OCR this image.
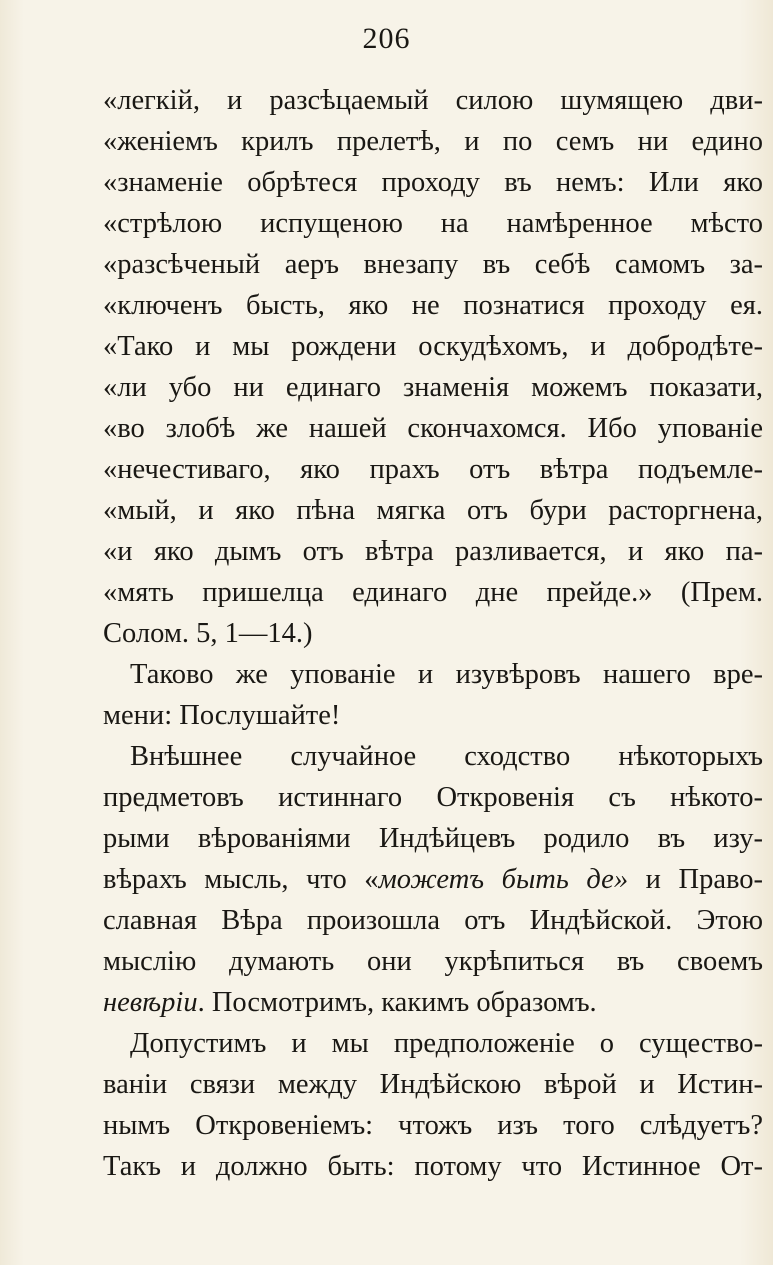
206
«легкій, и разсѣцаемый силою шумящею дви-
«женіемъ крилъ прелетѣ, и по семъ ни едино
«знаменіе обрѣтеся проходу въ немъ: Или яко
«стрѣлою испущеною на намѣренное мѣсто
«разсѣченый аеръ внезапу въ себѣ самомъ за-
«ключенъ бысть, яко не познатися проходу ея.
«Тако и мы рождени оскудѣхомъ, и добродѣте-
«ли убо ни единаго знаменія можемъ показати,
«во злобѣ же нашей скончахомся. Ибо упованіе
«нечестиваго, яко прахъ отъ вѣтра подъемле-
«мый, и яко пѣна мягка отъ бури расторгнена,
«и яко дымъ отъ вѣтра разливается, и яко па-
«мять пришелца единаго дне прейде.» (Прем.
Солом. 5, 1—14.)
Таково же упованіе и изувѣровъ нашего вре-
мени: Послушайте!
Внѣшнее случайное сходство нѣкоторыхъ
предметовъ истиннаго Откровенія съ нѣкото-
рыми вѣрованіями Индѣйцевъ родило въ изу-
вѣрахъ мысль, что «можетъ быть де» и Право-
славная Вѣра произошла отъ Индѣйской. Этою
мыслію думають они укрѣпиться въ своемъ
невѣріи. Посмотримъ, какимъ образомъ.
Допустимъ и мы предположеніе о существо-
ваніи связи между Индѣйскою вѣрой и Истин-
нымъ Откровеніемъ: чтожъ изъ того слѣдуетъ?
Такъ и должно быть: потому что Истинное От-
